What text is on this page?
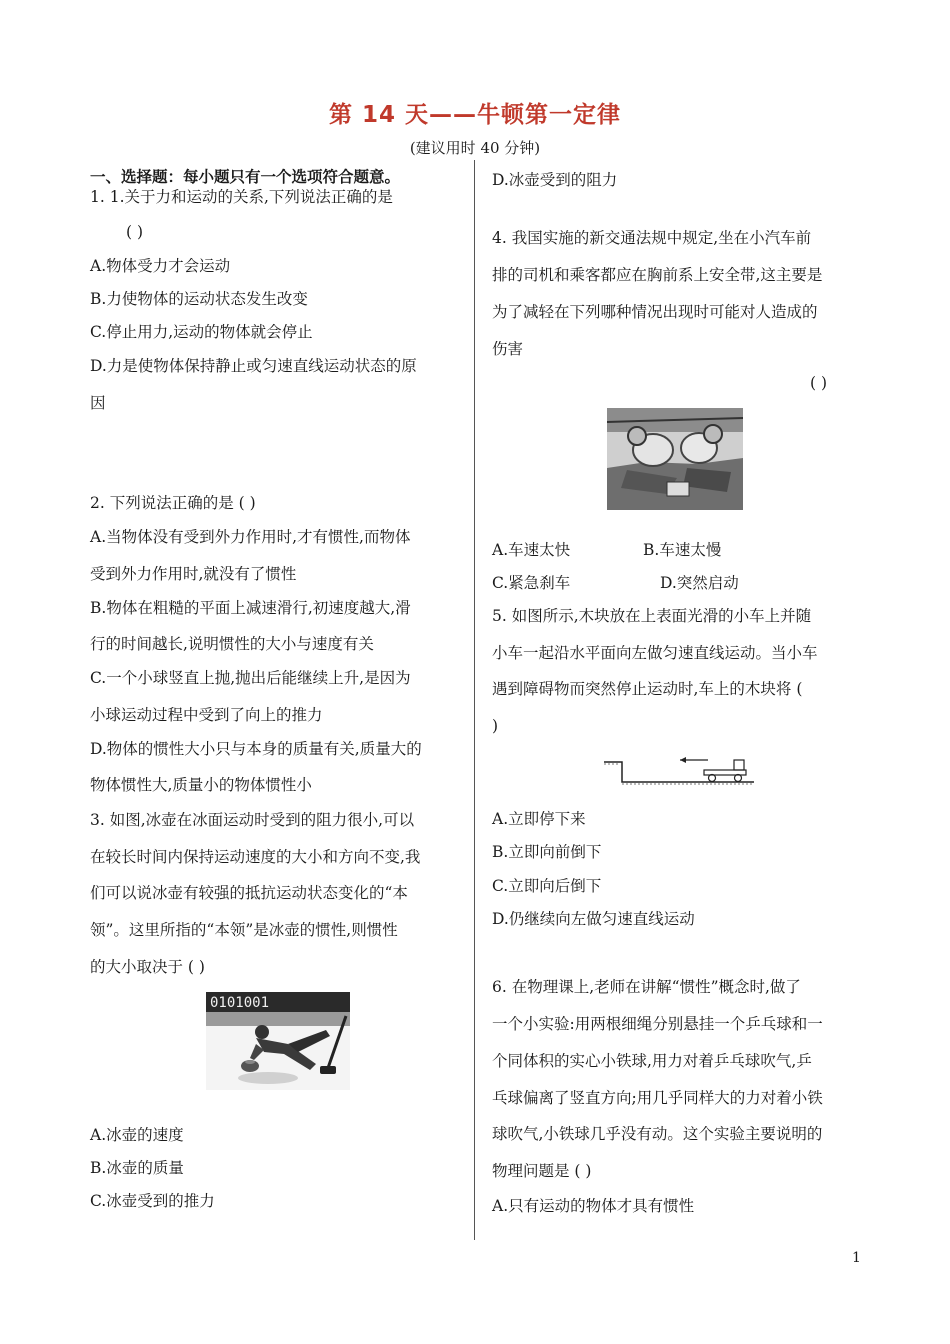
第 14 天——牛顿第一定律
(建议用时 40 分钟)
一、选择题：每小题只有一个选项符合题意。
1. 1.关于力和运动的关系,下列说法正确的是
( )
A.物体受力才会运动
B.力使物体的运动状态发生改变
C.停止用力,运动的物体就会停止
D.力是使物体保持静止或匀速直线运动状态的原
因
2. 下列说法正确的是 ( )
A.当物体没有受到外力作用时,才有惯性,而物体
受到外力作用时,就没有了惯性
B.物体在粗糙的平面上减速滑行,初速度越大,滑
行的时间越长,说明惯性的大小与速度有关
C.一个小球竖直上抛,抛出后能继续上升,是因为
小球运动过程中受到了向上的推力
D.物体的惯性大小只与本身的质量有关,质量大的
物体惯性大,质量小的物体惯性小
3. 如图,冰壶在冰面运动时受到的阻力很小,可以
在较长时间内保持运动速度的大小和方向不变,我
们可以说冰壶有较强的抵抗运动状态变化的“本
领”。这里所指的“本领”是冰壶的惯性,则惯性
的大小取决于 ( )
0101001
A.冰壶的速度
B.冰壶的质量
C.冰壶受到的推力
D.冰壶受到的阻力
4. 我国实施的新交通法规中规定,坐在小汽车前
排的司机和乘客都应在胸前系上安全带,这主要是
为了减轻在下列哪种情况出现时可能对人造成的
伤害
( )
A.车速太快	B.车速太慢
C.紧急刹车	D.突然启动
5. 如图所示,木块放在上表面光滑的小车上并随
小车一起沿水平面向左做匀速直线运动。当小车
遇到障碍物而突然停止运动时,车上的木块将 (
)
A.立即停下来
B.立即向前倒下
C.立即向后倒下
D.仍继续向左做匀速直线运动
6. 在物理课上,老师在讲解“惯性”概念时,做了
一个小实验:用两根细绳分别悬挂一个乒乓球和一
个同体积的实心小铁球,用力对着乒乓球吹气,乒
乓球偏离了竖直方向;用几乎同样大的力对着小铁
球吹气,小铁球几乎没有动。这个实验主要说明的
物理问题是 ( )
A.只有运动的物体才具有惯性
1
